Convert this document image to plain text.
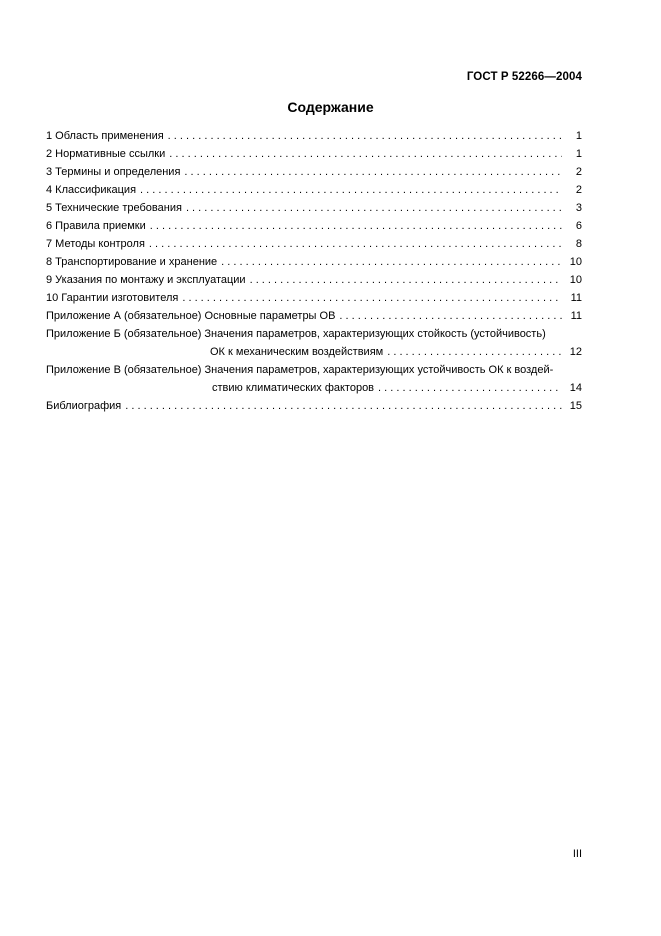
ГОСТ Р 52266—2004
Содержание
1 Область применения . . .	1
2 Нормативные ссылки . . .	1
3 Термины и определения . . .	2
4 Классификация . . .	2
5 Технические требования . . .	3
6 Правила приемки . . .	6
7 Методы контроля . . .	8
8 Транспортирование и хранение . . .	10
9 Указания по монтажу и эксплуатации . . .	10
10 Гарантии изготовителя . . .	11
Приложение А (обязательное) Основные параметры ОВ . . .	11
Приложение Б (обязательное) Значения параметров, характеризующих стойкость (устойчивость)
ОК к механическим воздействиям . . .	12
Приложение В (обязательное) Значения параметров, характеризующих устойчивость ОК к воздей-
ствию климатических факторов . . .	14
Библиография . . .	15
III
